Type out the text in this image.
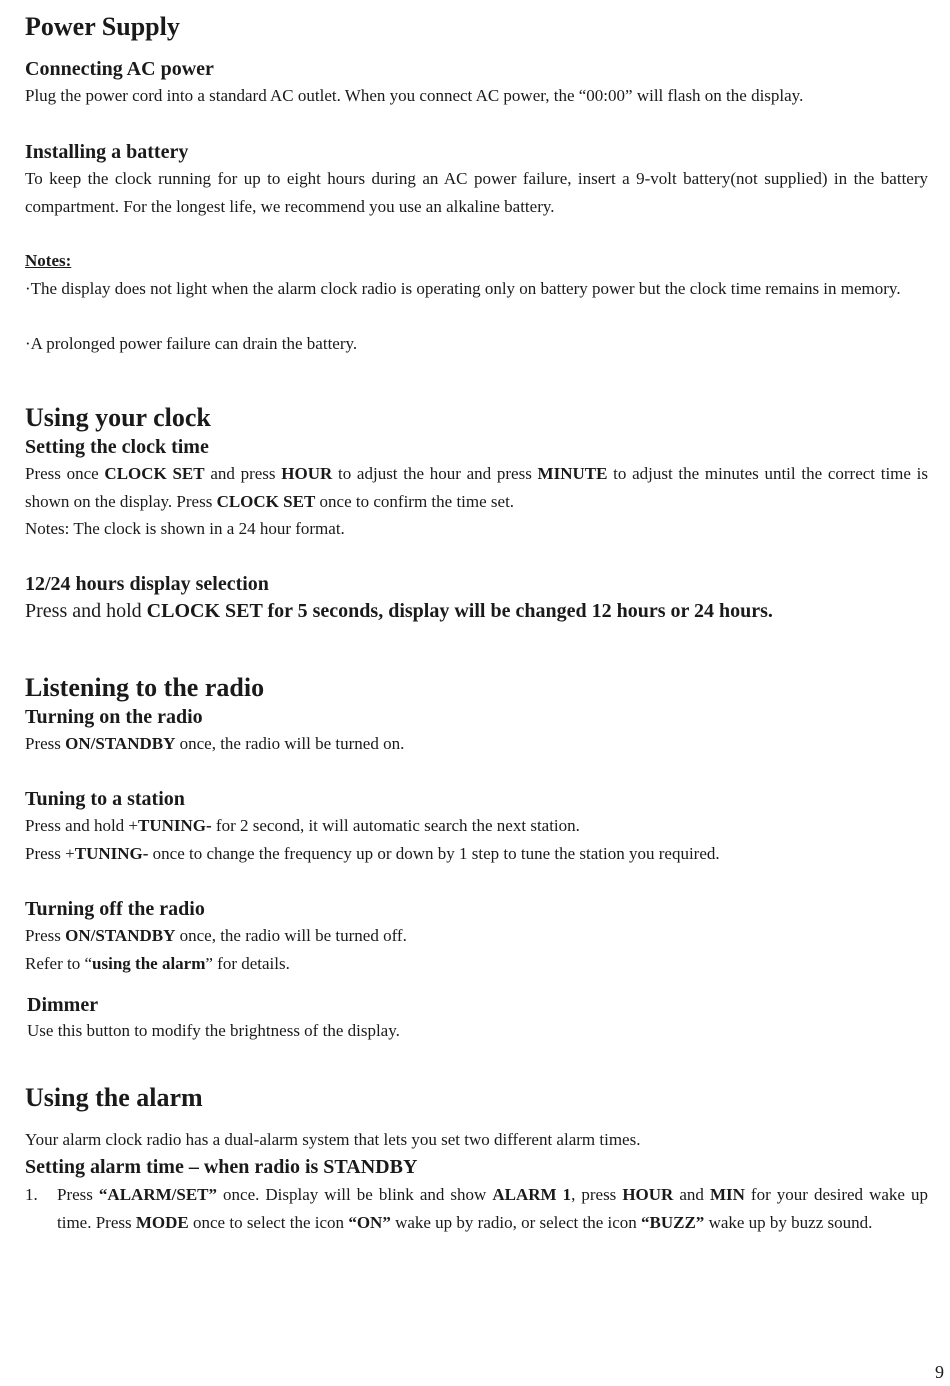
Power Supply
Connecting AC power

Plug the power cord into a standard AC outlet. When you connect AC power, the “00:00” will flash on the display.

Installing a battery

To keep the clock running for up to eight hours during an AC power failure, insert a 9-volt battery(not supplied) in the battery compartment. For the longest life, we recommend you use an alkaline battery.

Notes:

·The display does not light when the alarm clock radio is operating only on battery power but the clock time remains in memory.

·A prolonged power failure can drain the battery.

Using your clock
Setting the clock time

Press once CLOCK SET and press HOUR to adjust the hour and press MINUTE to adjust the minutes until the correct time is shown on the display. Press CLOCK SET once to confirm the time set.

Notes: The clock is shown in a 24 hour format.

12/24 hours display selection

Press and hold CLOCK SET for 5 seconds, display will be changed 12 hours or 24 hours.

Listening to the radio
Turning on the radio

Press ON/STANDBY once, the radio will be turned on.

Tuning to a station

Press and hold +TUNING- for 2 second, it will automatic search the next station.

Press +TUNING- once to change the frequency up or down by 1 step to tune the station you required.

Turning off the radio

Press ON/STANDBY once, the radio will be turned off.

Refer to “using the alarm” for details.

Dimmer

Use this button to modify the brightness of the display.

Using the alarm

Your alarm clock radio has a dual-alarm system that lets you set two different alarm times.

Setting alarm time – when radio is STANDBY
1. Press “ALARM/SET” once. Display will be blink and show ALARM 1, press HOUR and MIN for your desired wake up time. Press MODE once to select the icon “ON” wake up by radio, or select the icon “BUZZ” wake up by buzz sound.
9
